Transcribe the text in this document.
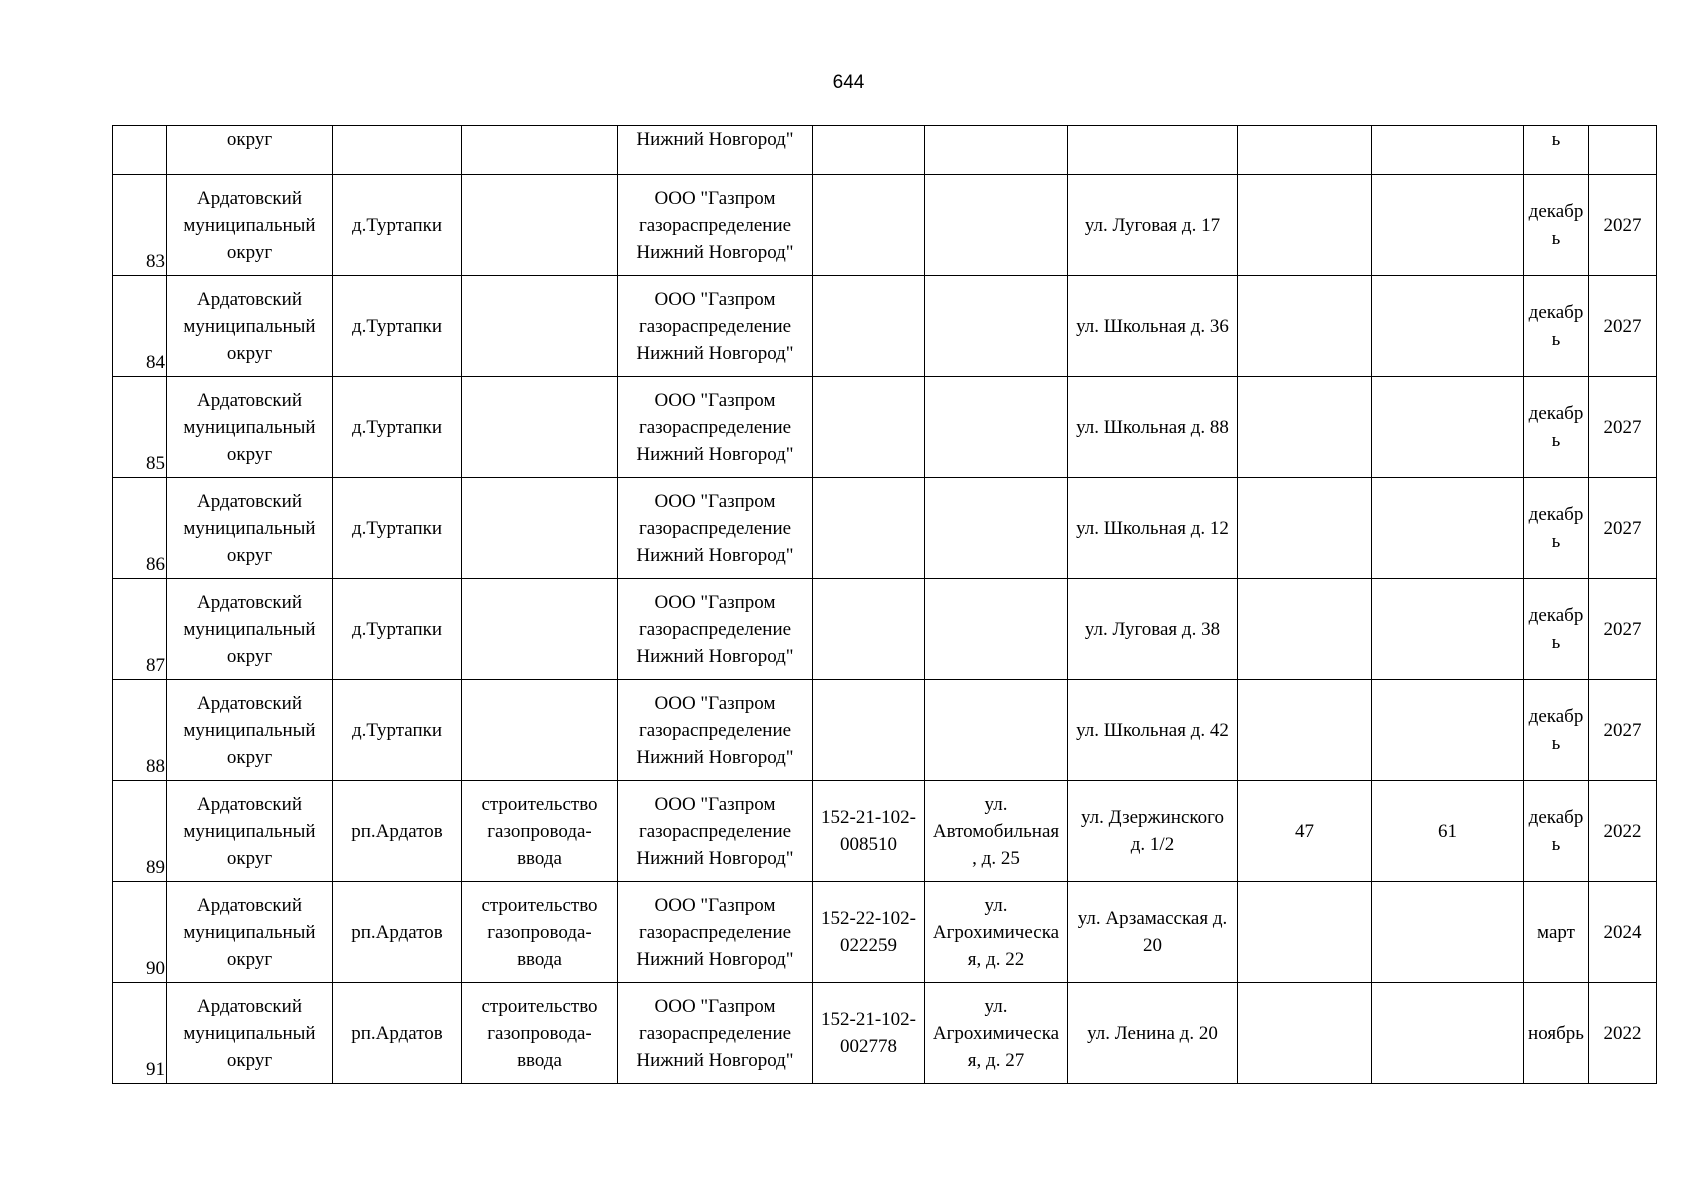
644
	округ			Нижний Новгород"						ь	
83	Ардатовский
муниципальный
округ	д.Туртапки		ООО "Газпром
газораспределение
Нижний Новгород"			ул. Луговая д. 17			декабр
ь	2027
84	Ардатовский
муниципальный
округ	д.Туртапки		ООО "Газпром
газораспределение
Нижний Новгород"			ул. Школьная д. 36			декабр
ь	2027
85	Ардатовский
муниципальный
округ	д.Туртапки		ООО "Газпром
газораспределение
Нижний Новгород"			ул. Школьная д. 88			декабр
ь	2027
86	Ардатовский
муниципальный
округ	д.Туртапки		ООО "Газпром
газораспределение
Нижний Новгород"			ул. Школьная д. 12			декабр
ь	2027
87	Ардатовский
муниципальный
округ	д.Туртапки		ООО "Газпром
газораспределение
Нижний Новгород"			ул. Луговая д. 38			декабр
ь	2027
88	Ардатовский
муниципальный
округ	д.Туртапки		ООО "Газпром
газораспределение
Нижний Новгород"			ул. Школьная д. 42			декабр
ь	2027
89	Ардатовский
муниципальный
округ	рп.Ардатов	строительство
газопровода-
ввода	ООО "Газпром
газораспределение
Нижний Новгород"	152-21-102-
008510	ул.
Автомобильная
, д. 25	ул. Дзержинского
д. 1/2	47	61	декабр
ь	2022
90	Ардатовский
муниципальный
округ	рп.Ардатов	строительство
газопровода-
ввода	ООО "Газпром
газораспределение
Нижний Новгород"	152-22-102-
022259	ул.
Агрохимическа
я, д. 22	ул. Арзамасская д.
20			март	2024
91	Ардатовский
муниципальный
округ	рп.Ардатов	строительство
газопровода-
ввода	ООО "Газпром
газораспределение
Нижний Новгород"	152-21-102-
002778	ул.
Агрохимическа
я, д. 27	ул. Ленина д. 20			ноябрь	2022
